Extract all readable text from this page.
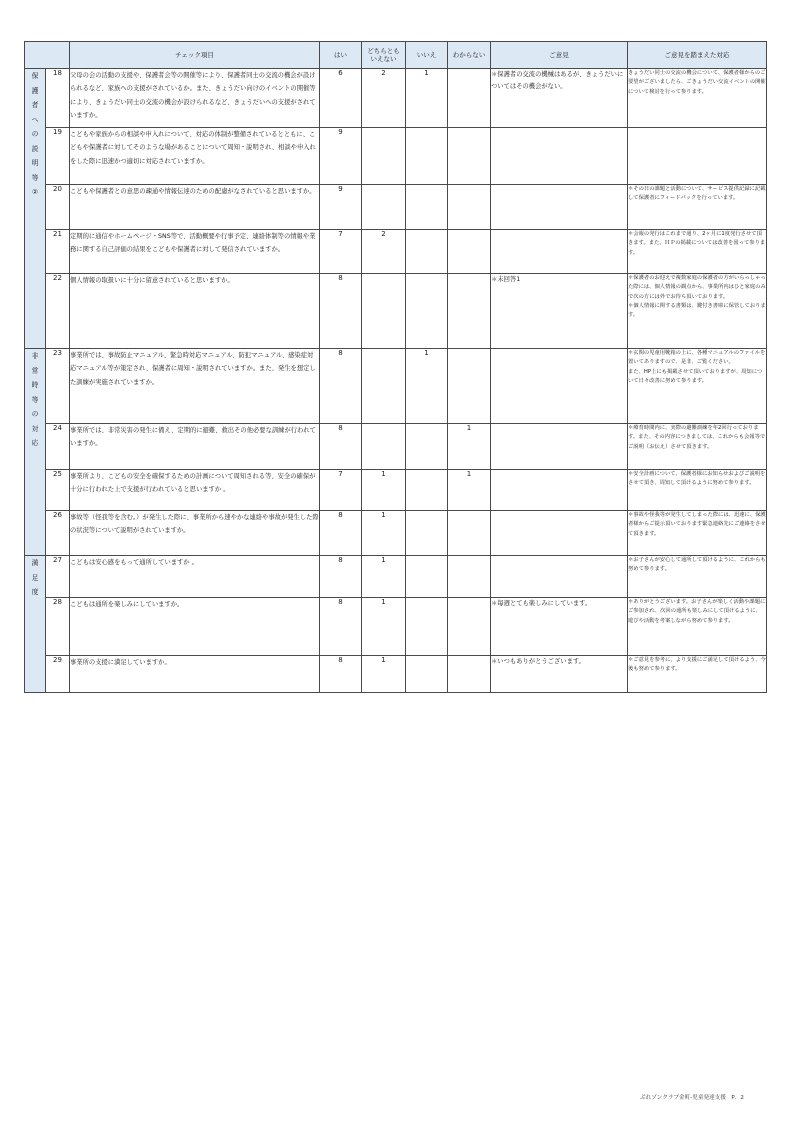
		チェック項目	はい	どちらとも
いえない	いいえ	わからない	ご意見	ご意見を踏まえた対応

保護者への説明等②	18	父母の会の活動の支援や、保護者会等の開催等により、保護者同士の交流の機会が設けられるなど、家族への支援がされているか。また、きょうだい向けのイベントの開催等により、きょうだい同士の交流の機会が設けられるなど、きょうだいへの支援がされていますか。	6	2	1		＊保護者の交流の機械はあるが、きょうだいについてはその機会がない。	きょうだい同士の交流の機会について、保護者様からのご要望がございましたら、ごきょうだい交流イベントの開催について検討を行って参ります。
	19	こどもや家族からの相談や申入れについて、対応の体制が整備されているとともに、こどもや保護者に対してそのような場があることについて周知・説明され、相談や申入れをした際に迅速かつ適切に対応されていますか。	9					
	20	こどもや保護者との意思の疎通や情報伝達のための配慮がなされていると思いますか。	9					＊その日の課題と活動について、サービス提供記録に記載して保護者にフィードバックを行っています。
	21	定期的に通信やホームページ・SNS等で、活動概要や行事予定、連絡体制等の情報や業務に関する自己評価の結果をこどもや保護者に対して発信されていますか。	7	2				＊会報の発行はこれまで通り、2ヶ月に1度発行させて頂きます。また、ＨＰの掲載については改善を図って参ります。
	22	個人情報の取扱いに十分に留意されていると思いますか。	8				＊未回答1	＊保護者のお迎えで複数家庭の保護者の方がいらっしゃった際には、個人情報の観点から、事業所内はひと家庭のみで次の方には外でお待ち頂いております。
＊個人情報に関する書類は、鍵付き書庫に保管しております。

非常時等の対応	23	事業所では、事故防止マニュアル、緊急時対応マニュアル、防犯マニュアル、感染症対応マニュアル等が策定され、保護者に周知・説明されていますか。また、発生を想定した訓練が実施されていますか。	8		1			＊玄関の児童用靴箱の上に、各種マニュアルのファイルを置いてありますので、是非、ご覧ください。
また、HP上にも掲載させて頂いておりますが、周知について日々改善に努めて参ります。
	24	事業所では、非常災害の発生に備え、定期的に避難、救出その他必要な訓練が行われていますか。	8			1		＊療育時間内に、実際の避難訓練を年2回行っております。また、その内容につきましては、これからも会報等でご説明（お伝え）させて頂きます。
	25	事業所より、こどもの安全を確保するための計画について周知される等、安全の確保が十分に行われた上で支援が行われていると思いますか 。	7	1		1		＊安全計画について、保護者様にお知らせおよびご説明をさせて頂き、周知して頂けるように努めて参ります。
	26	事故等（怪我等を含む。）が発生した際に、事業所から速やかな連絡や事故が発生した際の状況等について説明がされていますか。	8	1				＊事故や怪我等が発生してしまった際には、迅速に、保護者様からご提示頂いております緊急連絡先にご連絡をさせて頂きます。

満足度	27	こどもは安心感をもって通所していますか 。	8	1				＊お子さんが安心して通所して頂けるように、これからも努めて参ります。
	28	こどもは通所を楽しみにしていますか。	8	1			＊毎週とても楽しみにしています。	＊ありがとうございます。お子さんが楽しく活動や課題にご参加され、次回の通所も楽しみにして頂けるように、遊びや活動を考案しながら努めて参ります。
	29	事業所の支援に満足していますか。	8	1			＊いつもありがとうございます。	＊ご意見を参考に、より支援にご満足して頂けるよう、今後も努めて参ります。
ぷれゾンクラブ金町-児童発達支援　P．2
